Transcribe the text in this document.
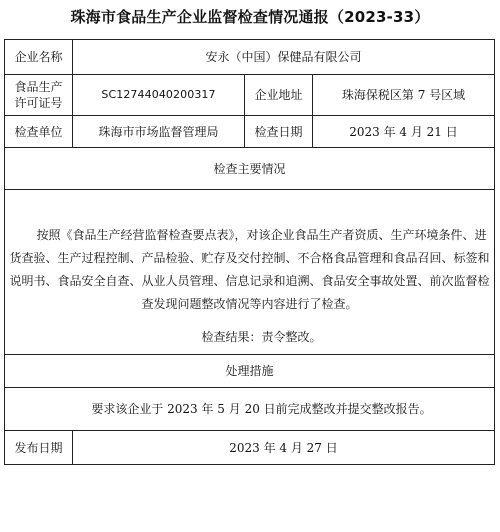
珠海市食品生产企业监督检查情况通报（2023-33）
企业名称	安永（中国）保健品有限公司		

食品生产
许可证号	SC12744040200317	企业地址	珠海保税区第 7 号区域
检查单位	珠海市市场监督管理局	检查日期	2023 年 4 月 21 日
检查主要情况			

按照《食品生产经营监督检查要点表》，对该企业食品生产者资质、生产环境条件、进货查验、生产过程控制、产品检验、贮存及交付控制、不合格食品管理和食品召回、标签和说明书、食品安全自查、从业人员管理、信息记录和追溯、食品安全事故处置、前次监督检查发现问题整改情况等内容进行了检查。
检查结果：责令整改。			

处理措施			

要求该企业于 2023 年 5 月 20 日前完成整改并提交整改报告。			

发布日期	2023 年 4 月 27 日		
